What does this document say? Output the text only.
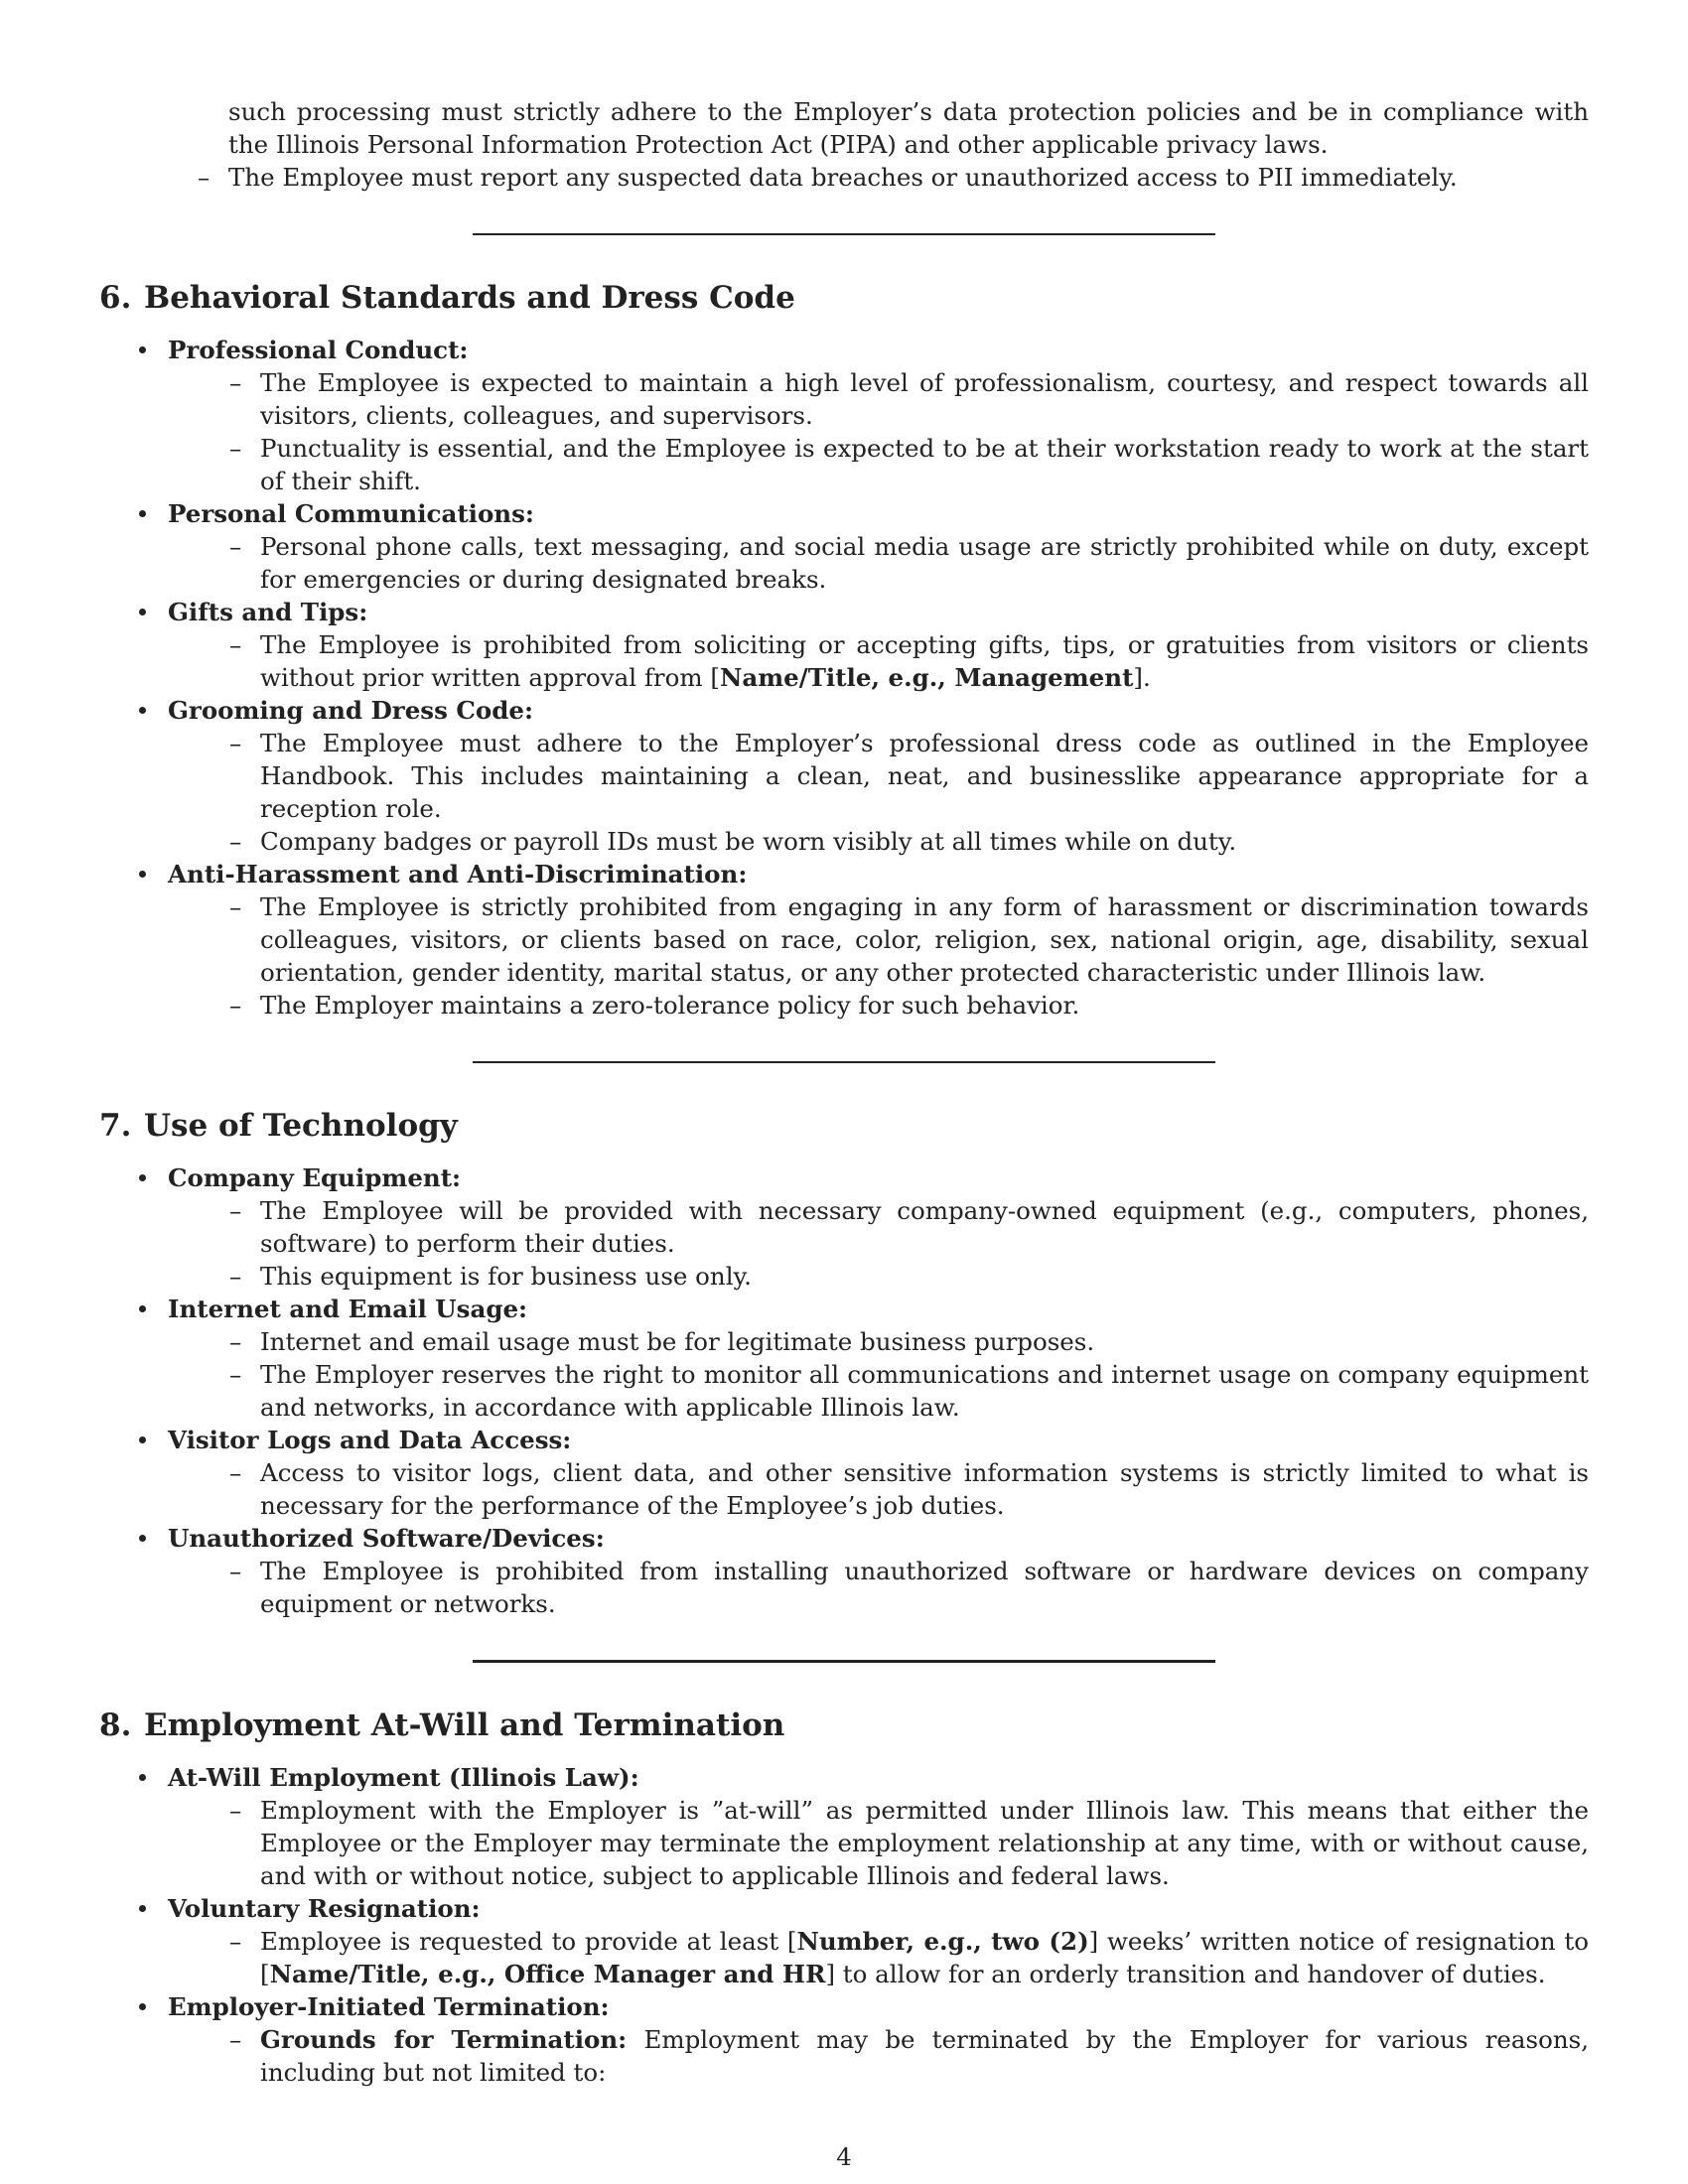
such processing must strictly adhere to the Employer’s data protection policies and be in compliance with the Illinois Personal Information Protection Act (PIPA) and other applicable privacy laws.

– The Employee must report any suspected data breaches or unauthorized access to PII immediately.
6. Behavioral Standards and Dress Code
Professional Conduct:
– The Employee is expected to maintain a high level of professionalism, courtesy, and respect towards all visitors, clients, colleagues, and supervisors.
– Punctuality is essential, and the Employee is expected to be at their workstation ready to work at the start of their shift.
Personal Communications:
– Personal phone calls, text messaging, and social media usage are strictly prohibited while on duty, except for emergencies or during designated breaks.
Gifts and Tips:
– The Employee is prohibited from soliciting or accepting gifts, tips, or gratuities from visitors or clients without prior written approval from [Name/Title, e.g., Management].
Grooming and Dress Code:
– The Employee must adhere to the Employer’s professional dress code as outlined in the Employee Handbook. This includes maintaining a clean, neat, and businesslike appearance appropriate for a reception role.
– Company badges or payroll IDs must be worn visibly at all times while on duty.
Anti-Harassment and Anti-Discrimination:
– The Employee is strictly prohibited from engaging in any form of harassment or discrimination towards colleagues, visitors, or clients based on race, color, religion, sex, national origin, age, disability, sexual orientation, gender identity, marital status, or any other protected characteristic under Illinois law.
– The Employer maintains a zero-tolerance policy for such behavior.
7. Use of Technology
Company Equipment:
– The Employee will be provided with necessary company-owned equipment (e.g., computers, phones, software) to perform their duties.
– This equipment is for business use only.
Internet and Email Usage:
– Internet and email usage must be for legitimate business purposes.
– The Employer reserves the right to monitor all communications and internet usage on company equipment and networks, in accordance with applicable Illinois law.
Visitor Logs and Data Access:
– Access to visitor logs, client data, and other sensitive information systems is strictly limited to what is necessary for the performance of the Employee’s job duties.
Unauthorized Software/Devices:
– The Employee is prohibited from installing unauthorized software or hardware devices on company equipment or networks.
8. Employment At-Will and Termination
At-Will Employment (Illinois Law):
– Employment with the Employer is ”at-will” as permitted under Illinois law. This means that either the Employee or the Employer may terminate the employment relationship at any time, with or without cause, and with or without notice, subject to applicable Illinois and federal laws.
Voluntary Resignation:
– Employee is requested to provide at least [Number, e.g., two (2)] weeks’ written notice of resignation to [Name/Title, e.g., Office Manager and HR] to allow for an orderly transition and handover of duties.
Employer-Initiated Termination:
– Grounds for Termination: Employment may be terminated by the Employer for various reasons, including but not limited to:
4
